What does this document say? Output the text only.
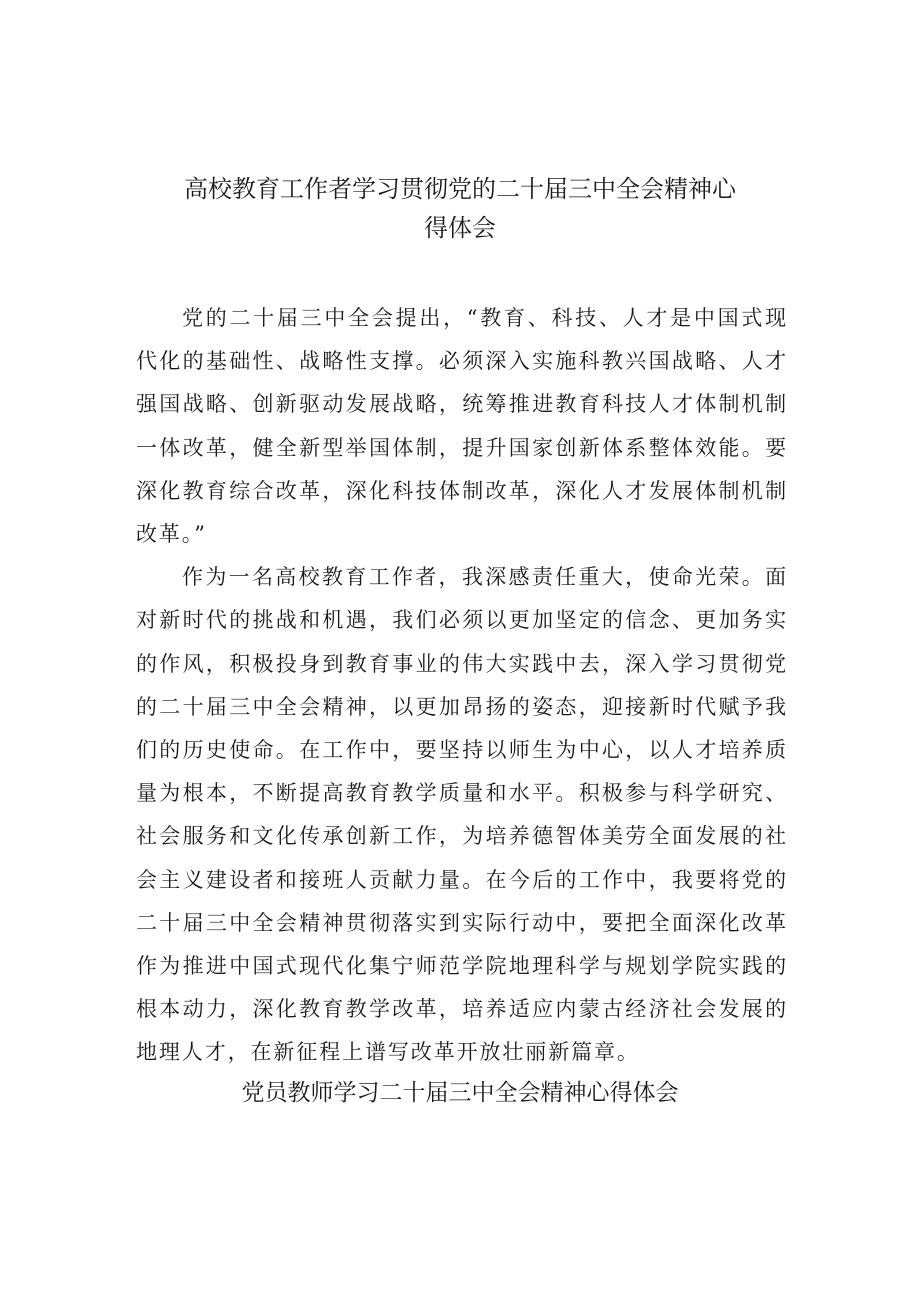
高校教育工作者学习贯彻党的二十届三中全会精神心
得体会

党的二十届三中全会提出，“教育、科技、人才是中国式现代化的基础性、战略性支撑。必须深入实施科教兴国战略、人才强国战略、创新驱动发展战略，统筹推进教育科技人才体制机制一体改革，健全新型举国体制，提升国家创新体系整体效能。要深化教育综合改革，深化科技体制改革，深化人才发展体制机制改革。”

作为一名高校教育工作者，我深感责任重大，使命光荣。面对新时代的挑战和机遇，我们必须以更加坚定的信念、更加务实的作风，积极投身到教育事业的伟大实践中去，深入学习贯彻党的二十届三中全会精神，以更加昂扬的姿态，迎接新时代赋予我们的历史使命。在工作中，要坚持以师生为中心，以人才培养质量为根本，不断提高教育教学质量和水平。积极参与科学研究、社会服务和文化传承创新工作，为培养德智体美劳全面发展的社会主义建设者和接班人贡献力量。在今后的工作中，我要将党的二十届三中全会精神贯彻落实到实际行动中，要把全面深化改革作为推进中国式现代化集宁师范学院地理科学与规划学院实践的根本动力，深化教育教学改革，培养适应内蒙古经济社会发展的地理人才，在新征程上谱写改革开放壮丽新篇章。

党员教师学习二十届三中全会精神心得体会
